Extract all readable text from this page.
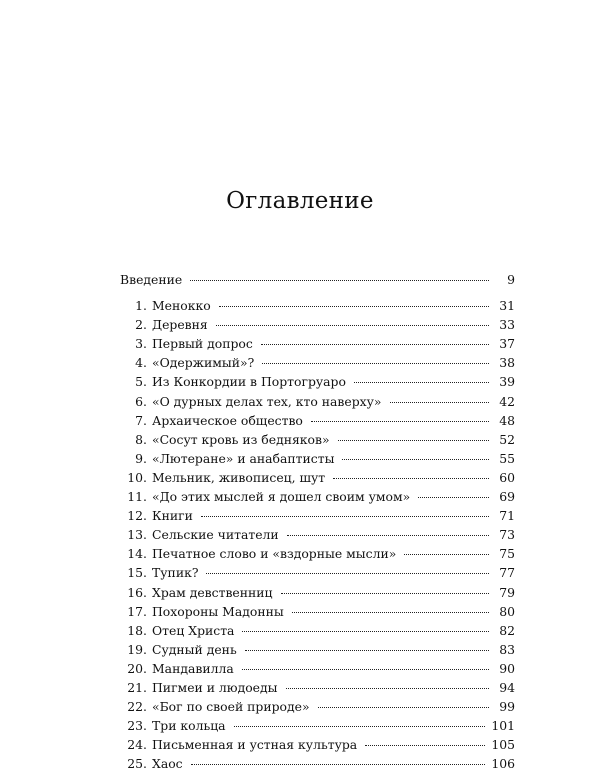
Оглавление
Введение	9
1. Менокко	31
2. Деревня	33
3. Первый допрос	37
4. «Одержимый»?	38
5. Из Конкордии в Портогруаро	39
6. «О дурных делах тех, кто наверху»	42
7. Архаическое общество	48
8. «Сосут кровь из бедняков»	52
9. «Лютеране» и анабаптисты	55
10. Мельник, живописец, шут	60
11. «До этих мыслей я дошел своим умом»	69
12. Книги	71
13. Сельские читатели	73
14. Печатное слово и «вздорные мысли»	75
15. Тупик?	77
16. Храм девственниц	79
17. Похороны Мадонны	80
18. Отец Христа	82
19. Судный день	83
20. Мандавилла	90
21. Пигмеи и людоеды	94
22. «Бог по своей природе»	99
23. Три кольца	101
24. Письменная и устная культура	105
25. Хаос	106
